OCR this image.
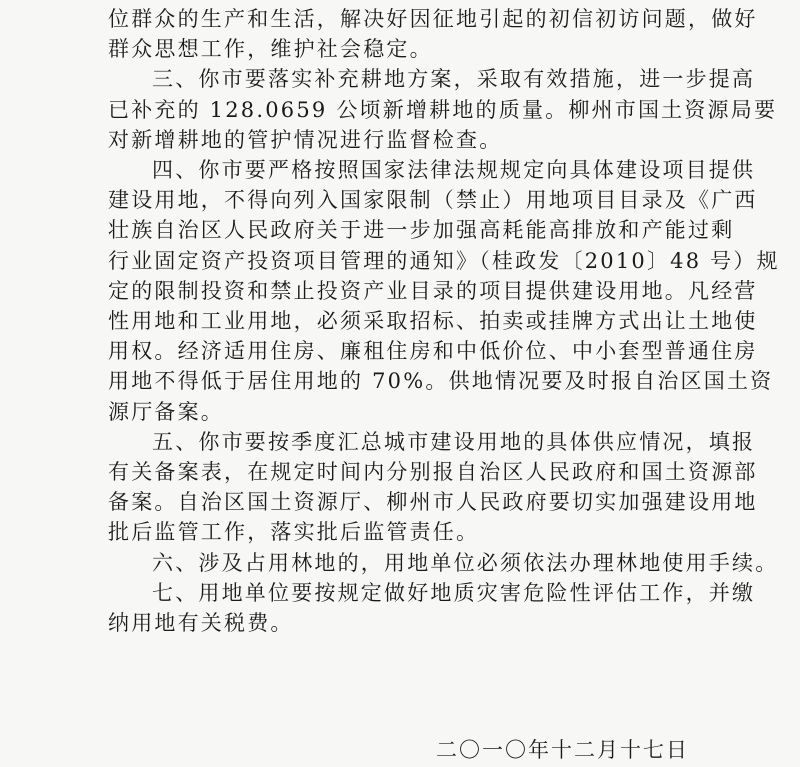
位群众的生产和生活，解决好因征地引起的初信初访问题，做好

群众思想工作，维护社会稳定。

三、你市要落实补充耕地方案，采取有效措施，进一步提高

已补充的 128.0659 公顷新增耕地的质量。柳州市国土资源局要

对新增耕地的管护情况进行监督检查。

四、你市要严格按照国家法律法规规定向具体建设项目提供

建设用地，不得向列入国家限制（禁止）用地项目目录及《广西

壮族自治区人民政府关于进一步加强高耗能高排放和产能过剩

行业固定资产投资项目管理的通知》（桂政发〔2010〕48 号）规

定的限制投资和禁止投资产业目录的项目提供建设用地。凡经营

性用地和工业用地，必须采取招标、拍卖或挂牌方式出让土地使

用权。经济适用住房、廉租住房和中低价位、中小套型普通住房

用地不得低于居住用地的 70%。供地情况要及时报自治区国土资

源厅备案。

五、你市要按季度汇总城市建设用地的具体供应情况，填报

有关备案表，在规定时间内分别报自治区人民政府和国土资源部

备案。自治区国土资源厅、柳州市人民政府要切实加强建设用地

批后监管工作，落实批后监管责任。

六、涉及占用林地的，用地单位必须依法办理林地使用手续。

七、用地单位要按规定做好地质灾害危险性评估工作，并缴

纳用地有关税费。

二〇一〇年十二月十七日
